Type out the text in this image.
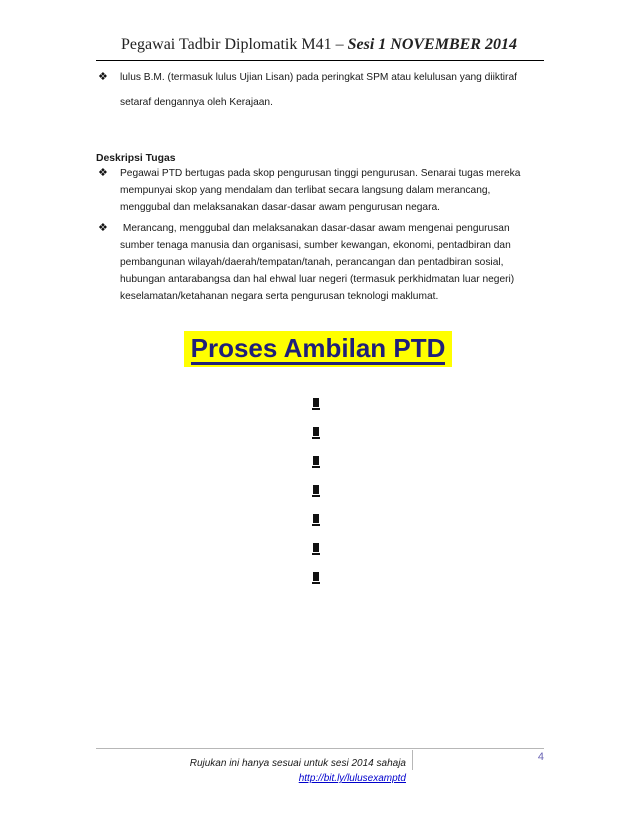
Pegawai Tadbir Diplomatik M41 – Sesi 1 NOVEMBER 2014
❖ lulus B.M. (termasuk lulus Ujian Lisan) pada peringkat SPM atau kelulusan yang diiktiraf
setaraf dengannya oleh Kerajaan.
Deskripsi Tugas
❖ Pegawai PTD bertugas pada skop pengurusan tinggi pengurusan. Senarai tugas mereka
mempunyai skop yang mendalam dan terlibat secara langsung dalam merancang,
menggubal dan melaksanakan dasar-dasar awam pengurusan negara.
❖ Merancang, menggubal dan melaksanakan dasar-dasar awam mengenai pengurusan
sumber tenaga manusia dan organisasi, sumber kewangan, ekonomi, pentadbiran dan
pembangunan wilayah/daerah/tempatan/tanah, perancangan dan pentadbiran sosial,
hubungan antarabangsa dan hal ehwal luar negeri (termasuk perkhidmatan luar negeri)
keselamatan/ketahanan negara serta pengurusan teknologi maklumat.
Proses Ambilan PTD
Rujukan ini hanya sesuai untuk sesi 2014 sahaja
http://bit.ly/lulusexamptd
4
